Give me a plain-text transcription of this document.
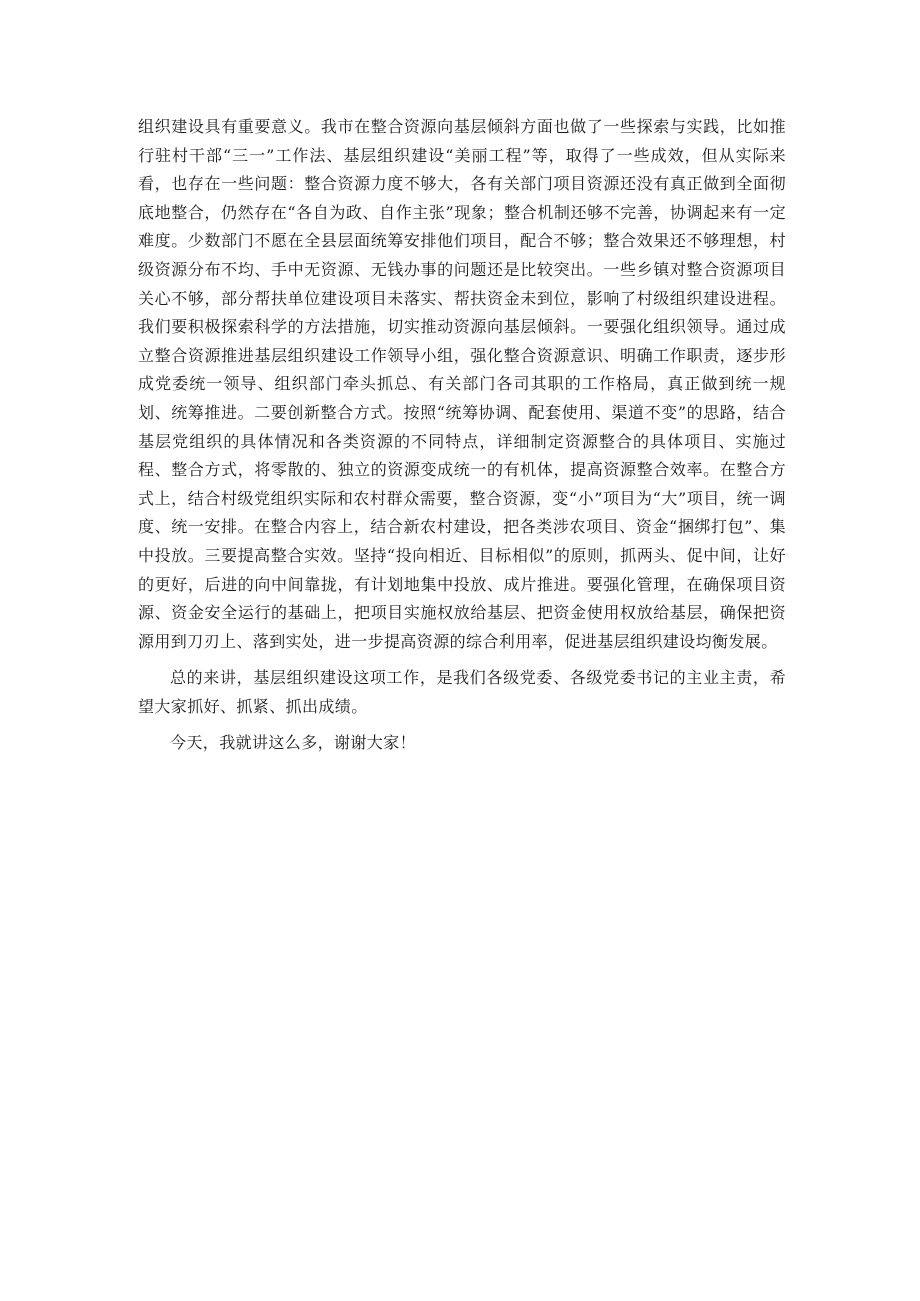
组织建设具有重要意义。我市在整合资源向基层倾斜方面也做了一些探索与实践，比如推行驻村干部“三一”工作法、基层组织建设“美丽工程”等，取得了一些成效，但从实际来看，也存在一些问题：整合资源力度不够大，各有关部门项目资源还没有真正做到全面彻底地整合，仍然存在“各自为政、自作主张”现象；整合机制还够不完善，协调起来有一定难度。少数部门不愿在全县层面统筹安排他们项目，配合不够；整合效果还不够理想，村级资源分布不均、手中无资源、无钱办事的问题还是比较突出。一些乡镇对整合资源项目关心不够，部分帮扶单位建设项目未落实、帮扶资金未到位，影响了村级组织建设进程。我们要积极探索科学的方法措施，切实推动资源向基层倾斜。一要强化组织领导。通过成立整合资源推进基层组织建设工作领导小组，强化整合资源意识、明确工作职责，逐步形成党委统一领导、组织部门牵头抓总、有关部门各司其职的工作格局，真正做到统一规划、统筹推进。二要创新整合方式。按照“统筹协调、配套使用、渠道不变”的思路，结合基层党组织的具体情况和各类资源的不同特点，详细制定资源整合的具体项目、实施过程、整合方式，将零散的、独立的资源变成统一的有机体，提高资源整合效率。在整合方式上，结合村级党组织实际和农村群众需要，整合资源，变“小”项目为“大”项目，统一调度、统一安排。在整合内容上，结合新农村建设，把各类涉农项目、资金“捆绑打包”、集中投放。三要提高整合实效。坚持“投向相近、目标相似”的原则，抓两头、促中间，让好的更好，后进的向中间靠拢，有计划地集中投放、成片推进。要强化管理，在确保项目资源、资金安全运行的基础上，把项目实施权放给基层、把资金使用权放给基层，确保把资源用到刀刃上、落到实处，进一步提高资源的综合利用率，促进基层组织建设均衡发展。

总的来讲，基层组织建设这项工作，是我们各级党委、各级党委书记的主业主责，希望大家抓好、抓紧、抓出成绩。

今天，我就讲这么多，谢谢大家！
